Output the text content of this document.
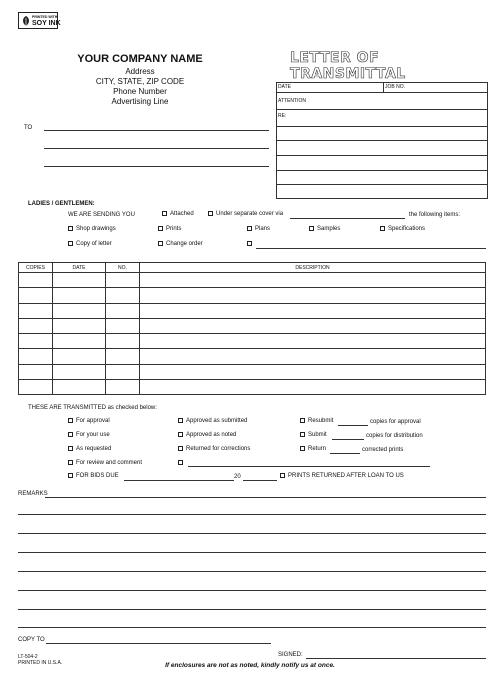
PRINTED WITH
SOY INK
YOUR COMPANY NAME
Address
CITY, STATE, ZIP CODE
Phone Number
Advertising Line
LETTER OF TRANSMITTAL
DATE	JOB NO.
ATTENTION
RE:
TO
LADIES / GENTLEMEN:
WE ARE SENDING YOU	Attached	Under separate cover via	the following items:
Shop drawings	Prints	Plans	Samples	Specifications
Copy of letter	Change order
COPIES	DATE	NO.	DESCRIPTION

THESE ARE TRANSMITTED as checked below:
For approval
For your use
As requested
For review and comment
Approved as submitted
Approved as noted
Returned for corrections
Resubmit	copies for approval
Submit	copies for distribution
Return	corrected prints
FOR BIDS DUE	20	PRINTS RETURNED AFTER LOAN TO US
REMARKS
COPY TO
SIGNED:
LT-504-2
PRINTED IN U.S.A.	If enclosures are not as noted, kindly notify us at once.
